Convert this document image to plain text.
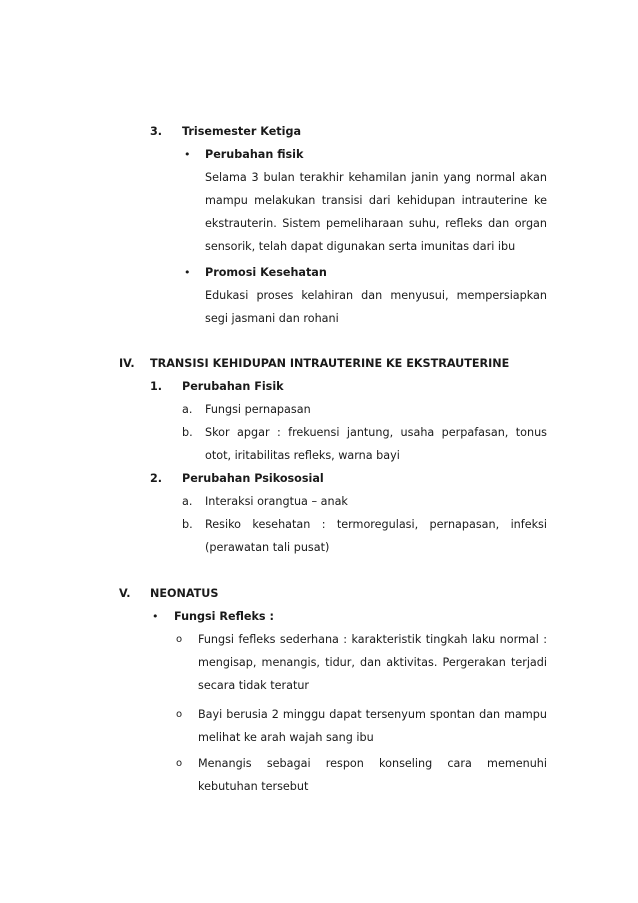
3. Trisemester Ketiga
• Perubahan fisik
Selama 3 bulan terakhir kehamilan janin yang normal akan
mampu melakukan transisi dari kehidupan intrauterine ke
ekstrauterin. Sistem pemeliharaan suhu, refleks dan organ
sensorik, telah dapat digunakan serta imunitas dari ibu
• Promosi Kesehatan
Edukasi proses kelahiran dan menyusui, mempersiapkan
segi jasmani dan rohani
IV. TRANSISI KEHIDUPAN INTRAUTERINE KE EKSTRAUTERINE
1. Perubahan Fisik
a. Fungsi pernapasan
b. Skor apgar : frekuensi jantung, usaha perpafasan, tonus
otot, iritabilitas refleks, warna bayi
2. Perubahan Psikososial
a. Interaksi orangtua – anak
b. Resiko kesehatan : termoregulasi, pernapasan, infeksi
(perawatan tali pusat)
V. NEONATUS
• Fungsi Refleks :
o Fungsi fefleks sederhana : karakteristik tingkah laku normal :
mengisap, menangis, tidur, dan aktivitas. Pergerakan terjadi
secara tidak teratur
o Bayi berusia 2 minggu dapat tersenyum spontan dan mampu
melihat ke arah wajah sang ibu
o Menangis sebagai respon konseling cara memenuhi
kebutuhan tersebut
